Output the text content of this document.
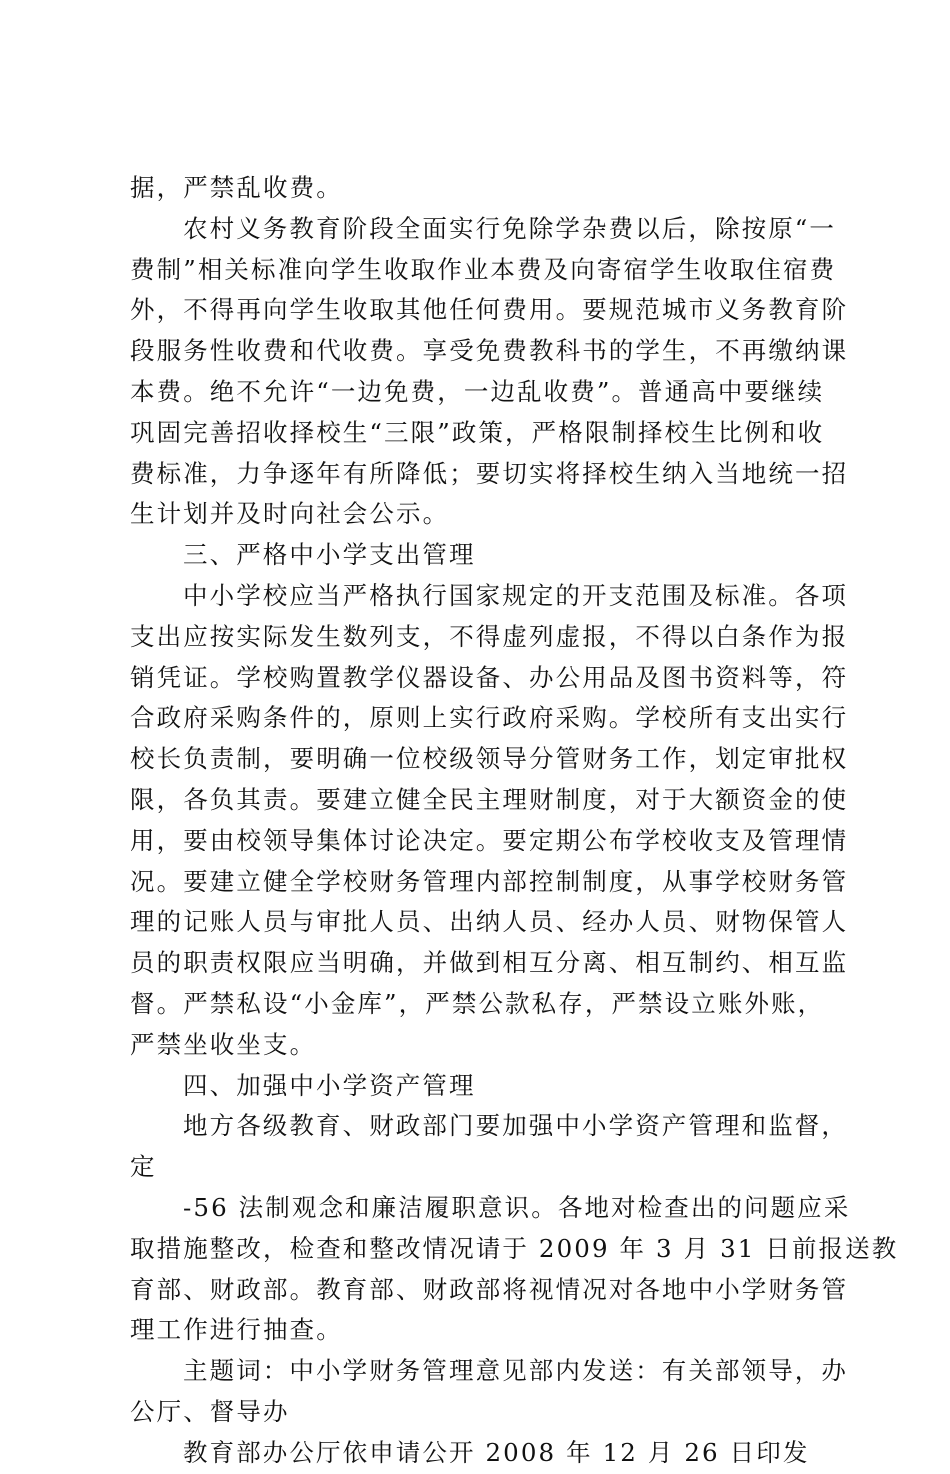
据，严禁乱收费。
农村义务教育阶段全面实行免除学杂费以后，除按原“一
费制”相关标准向学生收取作业本费及向寄宿学生收取住宿费
外，不得再向学生收取其他任何费用。要规范城市义务教育阶
段服务性收费和代收费。享受免费教科书的学生，不再缴纳课
本费。绝不允许“一边免费，一边乱收费”。普通高中要继续
巩固完善招收择校生“三限”政策，严格限制择校生比例和收
费标准，力争逐年有所降低；要切实将择校生纳入当地统一招
生计划并及时向社会公示。
三、严格中小学支出管理
中小学校应当严格执行国家规定的开支范围及标准。各项
支出应按实际发生数列支，不得虚列虚报，不得以白条作为报
销凭证。学校购置教学仪器设备、办公用品及图书资料等，符
合政府采购条件的，原则上实行政府采购。学校所有支出实行
校长负责制，要明确一位校级领导分管财务工作，划定审批权
限，各负其责。要建立健全民主理财制度，对于大额资金的使
用，要由校领导集体讨论决定。要定期公布学校收支及管理情
况。要建立健全学校财务管理内部控制制度，从事学校财务管
理的记账人员与审批人员、出纳人员、经办人员、财物保管人
员的职责权限应当明确，并做到相互分离、相互制约、相互监
督。严禁私设“小金库”，严禁公款私存，严禁设立账外账，
严禁坐收坐支。
四、加强中小学资产管理
地方各级教育、财政部门要加强中小学资产管理和监督，
定
-56 法制观念和廉洁履职意识。各地对检查出的问题应采
取措施整改，检查和整改情况请于 2009 年 3 月 31 日前报送教
育部、财政部。教育部、财政部将视情况对各地中小学财务管
理工作进行抽查。
主题词：中小学财务管理意见部内发送：有关部领导，办
公厅、督导办
教育部办公厅依申请公开 2008 年 12 月 26 日印发
